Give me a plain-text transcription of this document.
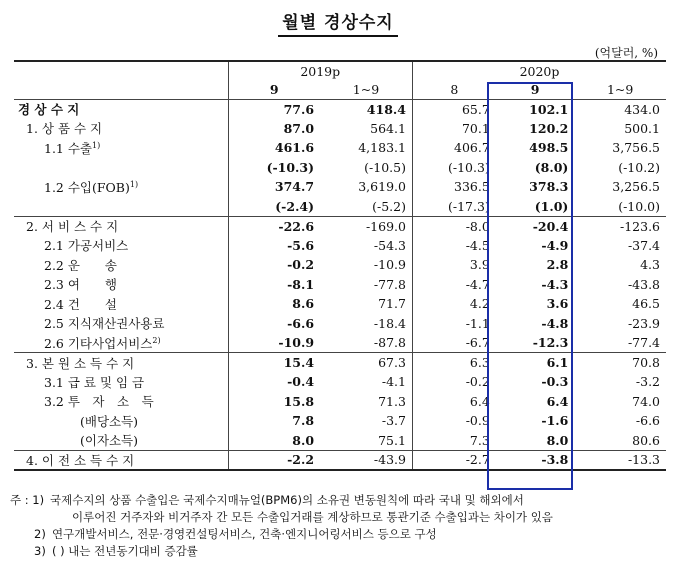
월별 경상수지
(억달러, %)
	2019p		2020p		
	9	1~9	8	9	1~9
경 상 수 지	77.6	418.4	65.7	102.1	434.0
1. 상 품 수 지	87.0	564.1	70.1	120.2	500.1
1.1 수출$^{1)}$	461.6	4,183.1	406.7	498.5	3,756.5
	(-10.3)	(-10.5)	(-10.3)	(8.0)	(-10.2)
1.2 수입(FOB)$^{1)}$	374.7	3,619.0	336.5	378.3	3,256.5
	(-2.4)	(-5.2)	(-17.3)	(1.0)	(-10.0)
2. 서 비 스 수 지	-22.6	-169.0	-8.0	-20.4	-123.6
2.1 가공서비스	-5.6	-54.3	-4.5	-4.9	-37.4
2.2 운　　송	-0.2	-10.9	3.9	2.8	4.3
2.3 여　　행	-8.1	-77.8	-4.7	-4.3	-43.8
2.4 건　　설	8.6	71.7	4.2	3.6	46.5
2.5 지식재산권사용료	-6.6	-18.4	-1.1	-4.8	-23.9
2.6 기타사업서비스$^{2)}$	-10.9	-87.8	-6.7	-12.3	-77.4
3. 본 원 소 득 수 지	15.4	67.3	6.3	6.1	70.8
3.1 급 료 및 임 금	-0.4	-4.1	-0.2	-0.3	-3.2
3.2 투　자　소　득	15.8	71.3	6.4	6.4	74.0
(배당소득)	7.8	-3.7	-0.9	-1.6	-6.6
(이자소득)	8.0	75.1	7.3	8.0	80.6
4. 이 전 소 득 수 지	-2.2	-43.9	-2.7	-3.8	-13.3
주 : 1) 국제수지의 상품 수출입은 국제수지매뉴얼(BPM6)의 소유권 변동원칙에 따라 국내 및 해외에서
이루어진 거주자와 비거주자 간 모든 수출입거래를 계상하므로 통관기준 수출입과는 차이가 있음
2) 연구개발서비스, 전문·경영컨설팅서비스, 건축·엔지니어링서비스 등으로 구성
3) ( ) 내는 전년동기대비 증감률
